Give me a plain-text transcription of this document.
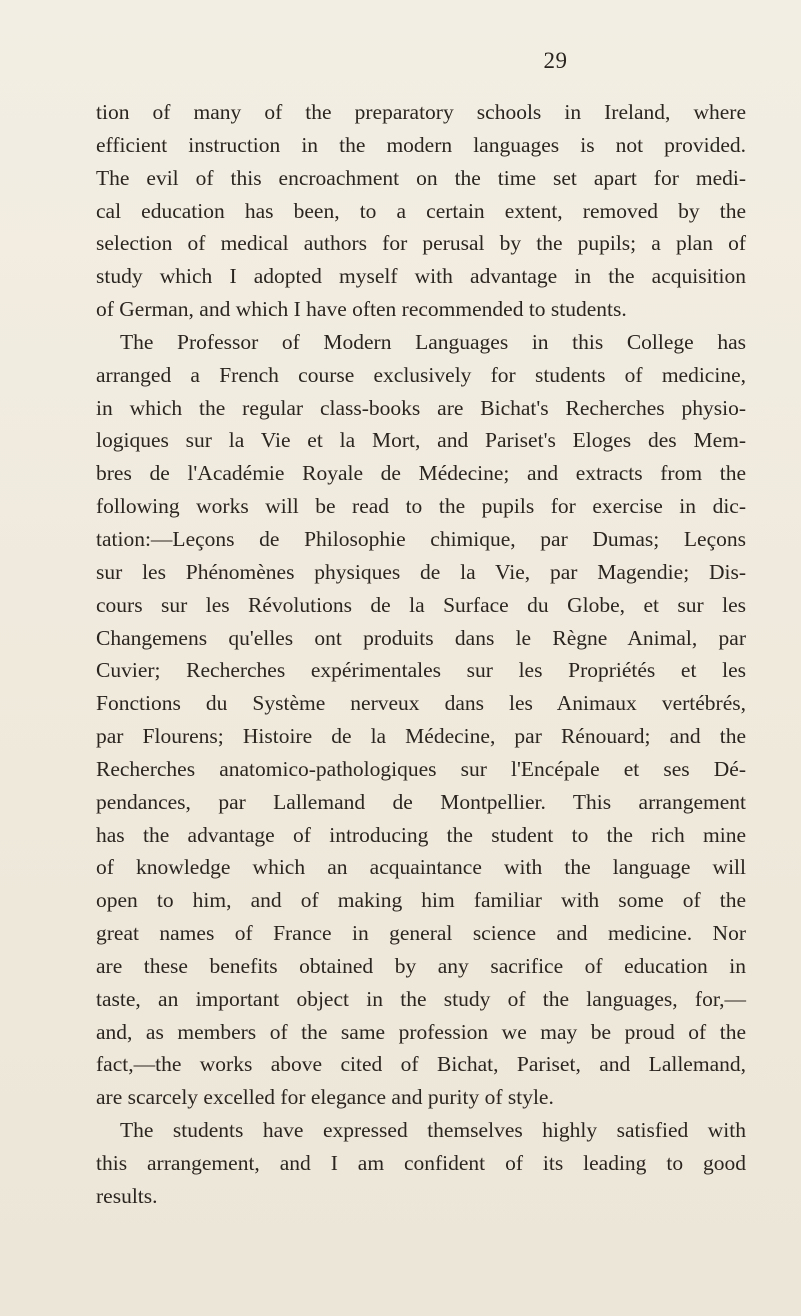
29
tion of many of the preparatory schools in Ireland, where
efficient instruction in the modern languages is not provided.
The evil of this encroachment on the time set apart for medi-
cal education has been, to a certain extent, removed by the
selection of medical authors for perusal by the pupils; a plan of
study which I adopted myself with advantage in the acquisition
of German, and which I have often recommended to students.
The Professor of Modern Languages in this College has
arranged a French course exclusively for students of medicine,
in which the regular class-books are Bichat's Recherches physio-
logiques sur la Vie et la Mort, and Pariset's Eloges des Mem-
bres de l'Académie Royale de Médecine; and extracts from the
following works will be read to the pupils for exercise in dic-
tation:—Leçons de Philosophie chimique, par Dumas; Leçons
sur les Phénomènes physiques de la Vie, par Magendie; Dis-
cours sur les Révolutions de la Surface du Globe, et sur les
Changemens qu'elles ont produits dans le Règne Animal, par
Cuvier; Recherches expérimentales sur les Propriétés et les
Fonctions du Système nerveux dans les Animaux vertébrés,
par Flourens; Histoire de la Médecine, par Rénouard; and the
Recherches anatomico-pathologiques sur l'Encépale et ses Dé-
pendances, par Lallemand de Montpellier. This arrangement
has the advantage of introducing the student to the rich mine
of knowledge which an acquaintance with the language will
open to him, and of making him familiar with some of the
great names of France in general science and medicine. Nor
are these benefits obtained by any sacrifice of education in
taste, an important object in the study of the languages, for,—
and, as members of the same profession we may be proud of the
fact,—the works above cited of Bichat, Pariset, and Lallemand,
are scarcely excelled for elegance and purity of style.
The students have expressed themselves highly satisfied with
this arrangement, and I am confident of its leading to good
results.
